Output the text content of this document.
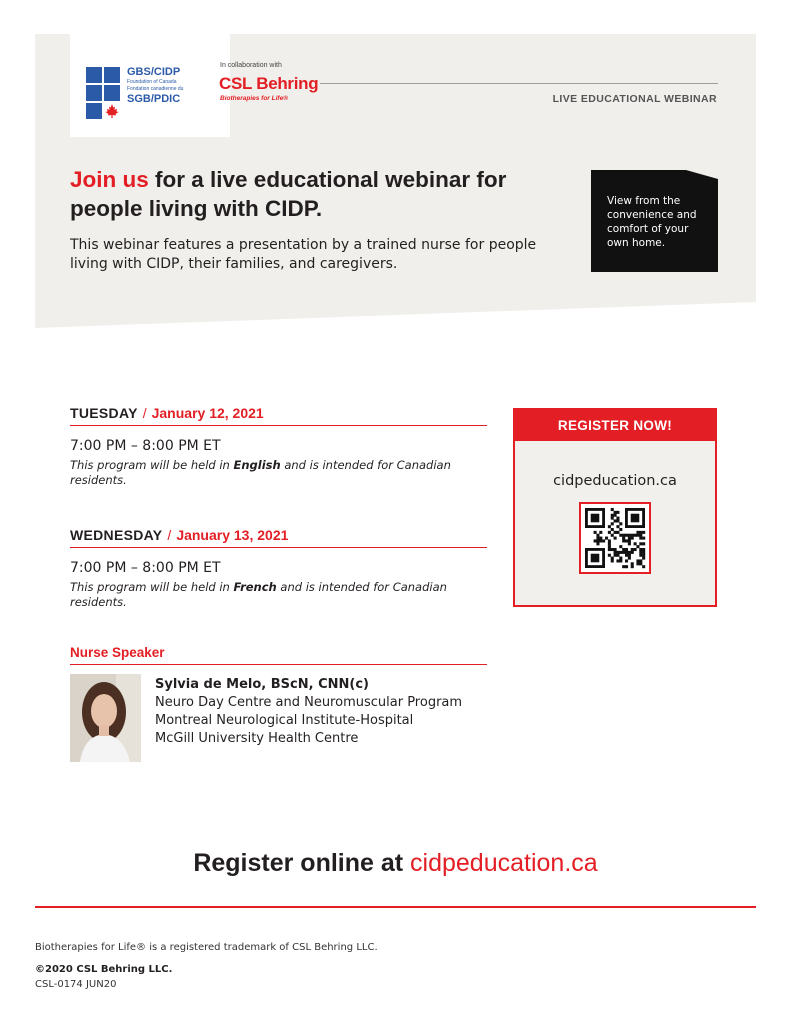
GBS/CIDP
Foundation of Canada
Fondation canadienne du
SGB/PDIC
In collaboration with
CSL Behring
Biotherapies for Life®	LIVE EDUCATIONAL WEBINAR
Join us for a live educational webinar for people living with CIDP.
This webinar features a presentation by a trained nurse for people living with CIDP, their families, and caregivers.
View from the convenience and comfort of your own home.
TUESDAY / January 12, 2021
7:00 PM – 8:00 PM ET
This program will be held in English and is intended for Canadian residents.
WEDNESDAY / January 13, 2021
7:00 PM – 8:00 PM ET
This program will be held in French and is intended for Canadian residents.
REGISTER NOW!
cidpeducation.ca
Nurse Speaker
Sylvia de Melo, BScN, CNN(c)
Neuro Day Centre and Neuromuscular Program
Montreal Neurological Institute-Hospital
McGill University Health Centre
Register online at cidpeducation.ca
Biotherapies for Life® is a registered trademark of CSL Behring LLC.
©2020 CSL Behring LLC.
CSL-0174 JUN20
